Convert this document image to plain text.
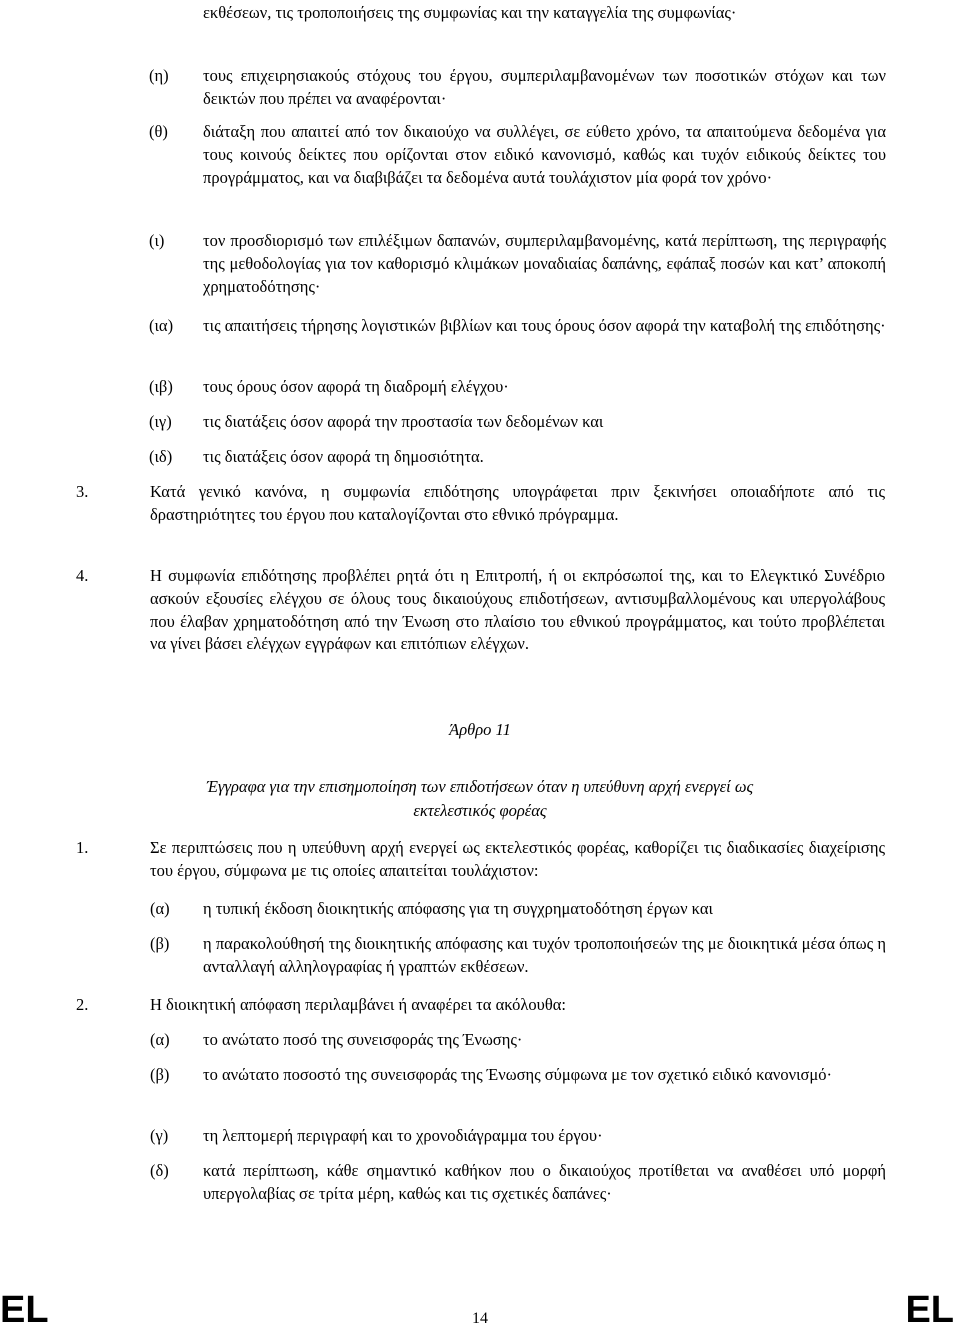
εκθέσεων, τις τροποποιήσεις της συμφωνίας και την καταγγελία της συμφωνίας·
(η) τους επιχειρησιακούς στόχους του έργου, συμπεριλαμβανομένων των ποσοτικών στόχων και των δεικτών που πρέπει να αναφέρονται·
(θ) διάταξη που απαιτεί από τον δικαιούχο να συλλέγει, σε εύθετο χρόνο, τα απαιτούμενα δεδομένα για τους κοινούς δείκτες που ορίζονται στον ειδικό κανονισμό, καθώς και τυχόν ειδικούς δείκτες του προγράμματος, και να διαβιβάζει τα δεδομένα αυτά τουλάχιστον μία φορά τον χρόνο·
(ι) τον προσδιορισμό των επιλέξιμων δαπανών, συμπεριλαμβανομένης, κατά περίπτωση, της περιγραφής της μεθοδολογίας για τον καθορισμό κλιμάκων μοναδιαίας δαπάνης, εφάπαξ ποσών και κατ’ αποκοπή χρηματοδότησης·
(ια) τις απαιτήσεις τήρησης λογιστικών βιβλίων και τους όρους όσον αφορά την καταβολή της επιδότησης·
(ιβ) τους όρους όσον αφορά τη διαδρομή ελέγχου·
(ιγ) τις διατάξεις όσον αφορά την προστασία των δεδομένων και
(ιδ) τις διατάξεις όσον αφορά τη δημοσιότητα.
3.	Κατά γενικό κανόνα, η συμφωνία επιδότησης υπογράφεται πριν ξεκινήσει οποιαδήποτε από τις δραστηριότητες του έργου που καταλογίζονται στο εθνικό πρόγραμμα.
4.	Η συμφωνία επιδότησης προβλέπει ρητά ότι η Επιτροπή, ή οι εκπρόσωποί της, και το Ελεγκτικό Συνέδριο ασκούν εξουσίες ελέγχου σε όλους τους δικαιούχους επιδοτήσεων, αντισυμβαλλομένους και υπεργολάβους που έλαβαν χρηματοδότηση από την Ένωση στο πλαίσιο του εθνικού προγράμματος, και τούτο προβλέπεται να γίνει βάσει ελέγχων εγγράφων και επιτόπιων ελέγχων.
Άρθρο 11
Έγγραφα για την επισημοποίηση των επιδοτήσεων όταν η υπεύθυνη αρχή ενεργεί ως
εκτελεστικός φορέας
1.	Σε περιπτώσεις που η υπεύθυνη αρχή ενεργεί ως εκτελεστικός φορέας, καθορίζει τις διαδικασίες διαχείρισης του έργου, σύμφωνα με τις οποίες απαιτείται τουλάχιστον:
(α) η τυπική έκδοση διοικητικής απόφασης για τη συγχρηματοδότηση έργων και
(β) η παρακολούθησή της διοικητικής απόφασης και τυχόν τροποποιήσεών της με διοικητικά μέσα όπως η ανταλλαγή αλληλογραφίας ή γραπτών εκθέσεων.
2.	Η διοικητική απόφαση περιλαμβάνει ή αναφέρει τα ακόλουθα:
(α) το ανώτατο ποσό της συνεισφοράς της Ένωσης·
(β) το ανώτατο ποσοστό της συνεισφοράς της Ένωσης σύμφωνα με τον σχετικό ειδικό κανονισμό·
(γ) τη λεπτομερή περιγραφή και το χρονοδιάγραμμα του έργου·
(δ) κατά περίπτωση, κάθε σημαντικό καθήκον που ο δικαιούχος προτίθεται να αναθέσει υπό μορφή υπεργολαβίας σε τρίτα μέρη, καθώς και τις σχετικές δαπάνες·
EL	14	EL
